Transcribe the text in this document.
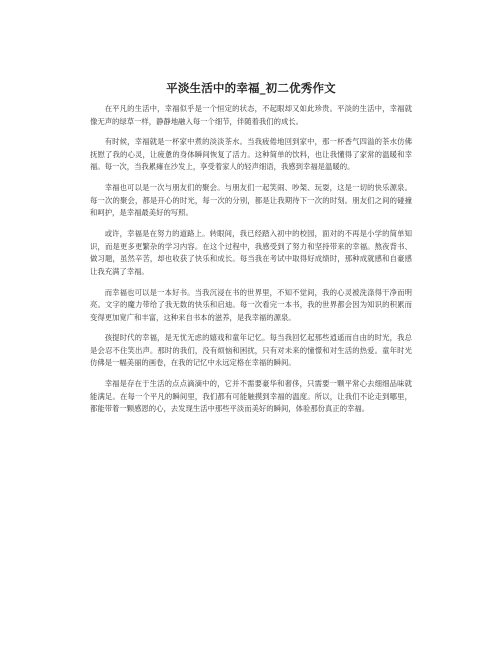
平淡生活中的幸福_初二优秀作文

在平凡的生活中，幸福似乎是一个恒定的状态，不起眼却又如此珍贵。平淡的生活中，幸福就像无声的绿草一样，静静地融入每一个细节，伴随着我们的成长。

有时候，幸福就是一杯家中煮的淡淡茶水。当我疲倦地回到家中，那一杯香气四溢的茶水仿佛抚慰了我的心灵，让疲惫的身体瞬间恢复了活力。这种简单的饮料，也让我懂得了家常的温暖和幸福。每一次，当我累瘫在沙发上，享受着家人的轻声细语，我感到幸福是温暖的。

幸福也可以是一次与朋友们的聚会。与朋友们一起笑闹、吵架、玩耍，这是一切的快乐源泉。每一次的聚会，都是开心的时光，每一次的分别，都是让我期待下一次的时刻。朋友们之间的碰撞和呵护，是幸福最美好的写照。

或许，幸福是在努力的道路上。转眼间，我已经踏入初中的校园，面对的不再是小学的简单知识，而是更多更繁杂的学习内容。在这个过程中，我感受到了努力和坚持带来的幸福。熬夜背书、做习题，虽然辛苦，却也收获了快乐和成长。每当我在考试中取得好成绩时，那种成就感和自豪感让我充满了幸福。

而幸福也可以是一本好书。当我沉浸在书的世界里，不知不觉间，我的心灵被洗涤得干净而明亮。文字的魔力带给了我无数的快乐和启迪。每一次看完一本书，我的世界都会因为知识的积累而变得更加宽广和丰富，这种来自书本的滋养，是我幸福的源泉。

孩提时代的幸福，是无忧无虑的嬉戏和童年记忆。每当我回忆起那些逍遥而自由的时光，我总是会忍不住笑出声。那时的我们，没有烦恼和困扰，只有对未来的憧憬和对生活的热爱。童年时光仿佛是一幅美丽的画卷，在我的记忆中永远定格在幸福的瞬间。

幸福是存在于生活的点点滴滴中的，它并不需要豪华和奢侈，只需要一颗平常心去细细品味就能满足。在每一个平凡的瞬间里，我们都有可能触摸到幸福的温度。所以，让我们不论走到哪里，都能带着一颗感恩的心，去发现生活中那些平淡而美好的瞬间，体验那份真正的幸福。
